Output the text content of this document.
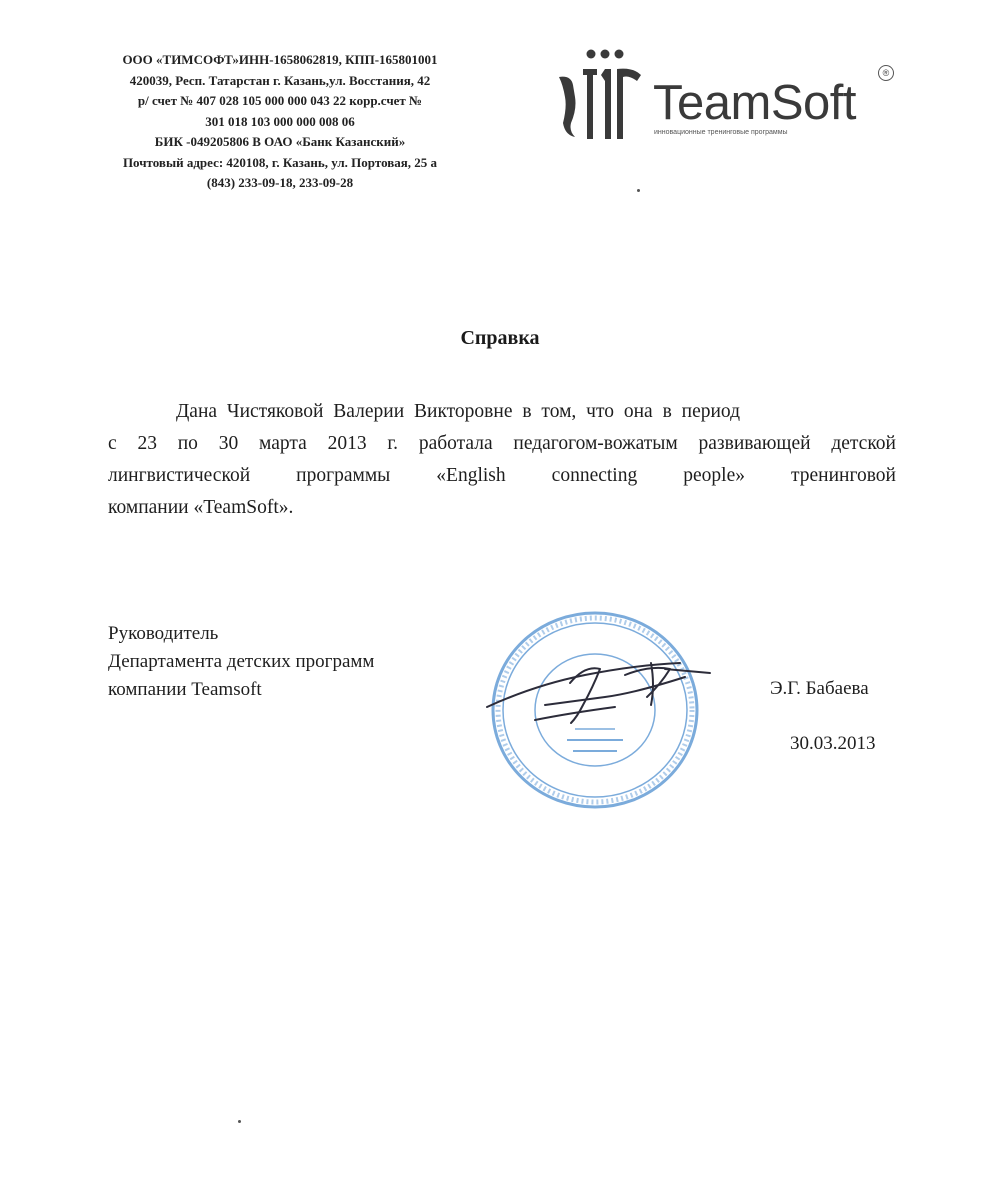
ООО «ТИМСОФТ»ИНН-1658062819, КПП-165801001
420039, Респ. Татарстан г. Казань,ул. Восстания, 42
р/ счет № 407 028 105 000 000 043 22 корр.счет №
301 018 103 000 000 008 06
БИК -049205806 В ОАО «Банк Казанский»
Почтовый адрес: 420108, г. Казань, ул. Портовая, 25 а
(843) 233-09-18, 233-09-28
TeamSoft
®
инновационные тренинговые программы
Справка
Дана Чистяковой Валерии Викторовне в том, что она в период
с 23 по 30 марта 2013 г. работала педагогом-вожатым развивающей детской
лингвистической программы «English connecting people» тренинговой
компании «TeamSoft».
Руководитель
Департамента детских программ
компании Teamsoft	Э.Г. Бабаева
30.03.2013
